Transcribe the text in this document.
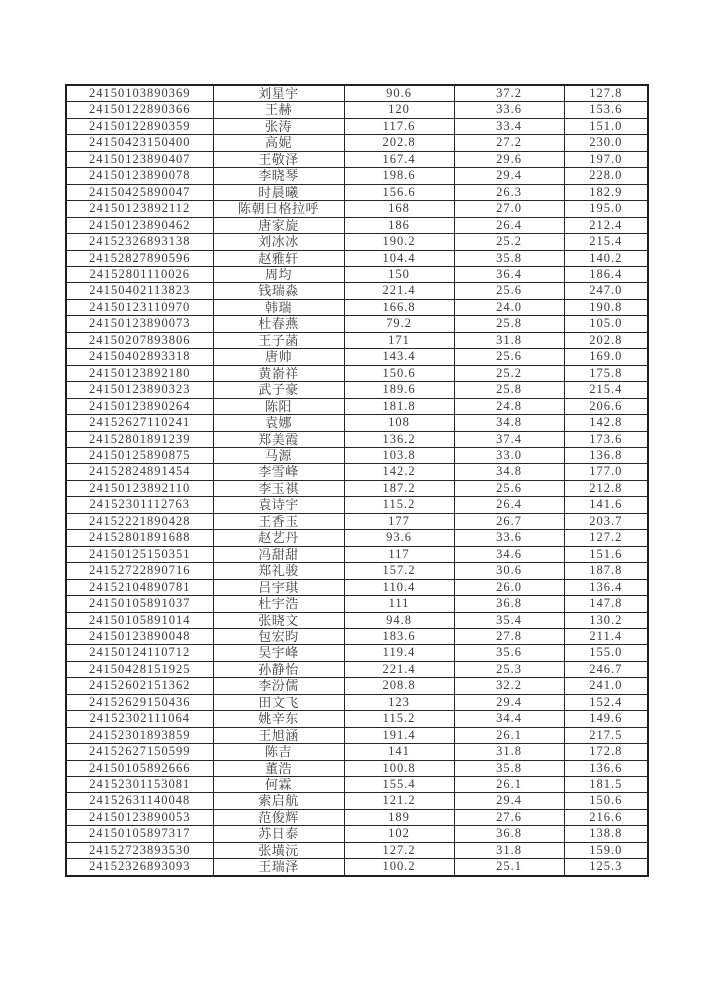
24150103890369	刘星宇	90.6	37.2	127.8
24150122890366	王赫	120	33.6	153.6
24150122890359	张涛	117.6	33.4	151.0
24150423150400	高妮	202.8	27.2	230.0
24150123890407	王敬泽	167.4	29.6	197.0
24150123890078	李晓琴	198.6	29.4	228.0
24150425890047	时晨曦	156.6	26.3	182.9
24150123892112	陈朝日格拉呼	168	27.0	195.0
24150123890462	唐家旋	186	26.4	212.4
24152326893138	刘冰冰	190.2	25.2	215.4
24152827890596	赵雅轩	104.4	35.8	140.2
24152801110026	周均	150	36.4	186.4
24150402113823	钱瑞淼	221.4	25.6	247.0
24150123110970	韩瑞	166.8	24.0	190.8
24150123890073	杜春燕	79.2	25.8	105.0
24150207893806	王子菡	171	31.8	202.8
24150402893318	唐帅	143.4	25.6	169.0
24150123892180	黄嵛祥	150.6	25.2	175.8
24150123890323	武子豪	189.6	25.8	215.4
24150123890264	陈阳	181.8	24.8	206.6
24152627110241	袁娜	108	34.8	142.8
24152801891239	郑美霞	136.2	37.4	173.6
24150125890875	马源	103.8	33.0	136.8
24152824891454	李雪峰	142.2	34.8	177.0
24150123892110	李玉祺	187.2	25.6	212.8
24152301112763	袁诗宇	115.2	26.4	141.6
24152221890428	王香玉	177	26.7	203.7
24152801891688	赵艺丹	93.6	33.6	127.2
24150125150351	冯甜甜	117	34.6	151.6
24152722890716	郑礼骏	157.2	30.6	187.8
24152104890781	吕宇琪	110.4	26.0	136.4
24150105891037	杜宇浩	111	36.8	147.8
24150105891014	张晓文	94.8	35.4	130.2
24150123890048	包宏昀	183.6	27.8	211.4
24150124110712	吴宇峰	119.4	35.6	155.0
24150428151925	孙静怡	221.4	25.3	246.7
24152602151362	李汾儒	208.8	32.2	241.0
24152629150436	田文飞	123	29.4	152.4
24152302111064	姚辛东	115.2	34.4	149.6
24152301893859	王旭涵	191.4	26.1	217.5
24152627150599	陈吉	141	31.8	172.8
24150105892666	董浩	100.8	35.8	136.6
24152301153081	何霖	155.4	26.1	181.5
24152631140048	索启航	121.2	29.4	150.6
24150123890053	范俊辉	189	27.6	216.6
24150105897317	苏日泰	102	36.8	138.8
24152723893530	张墴沅	127.2	31.8	159.0
24152326893093	王瑞泽	100.2	25.1	125.3
